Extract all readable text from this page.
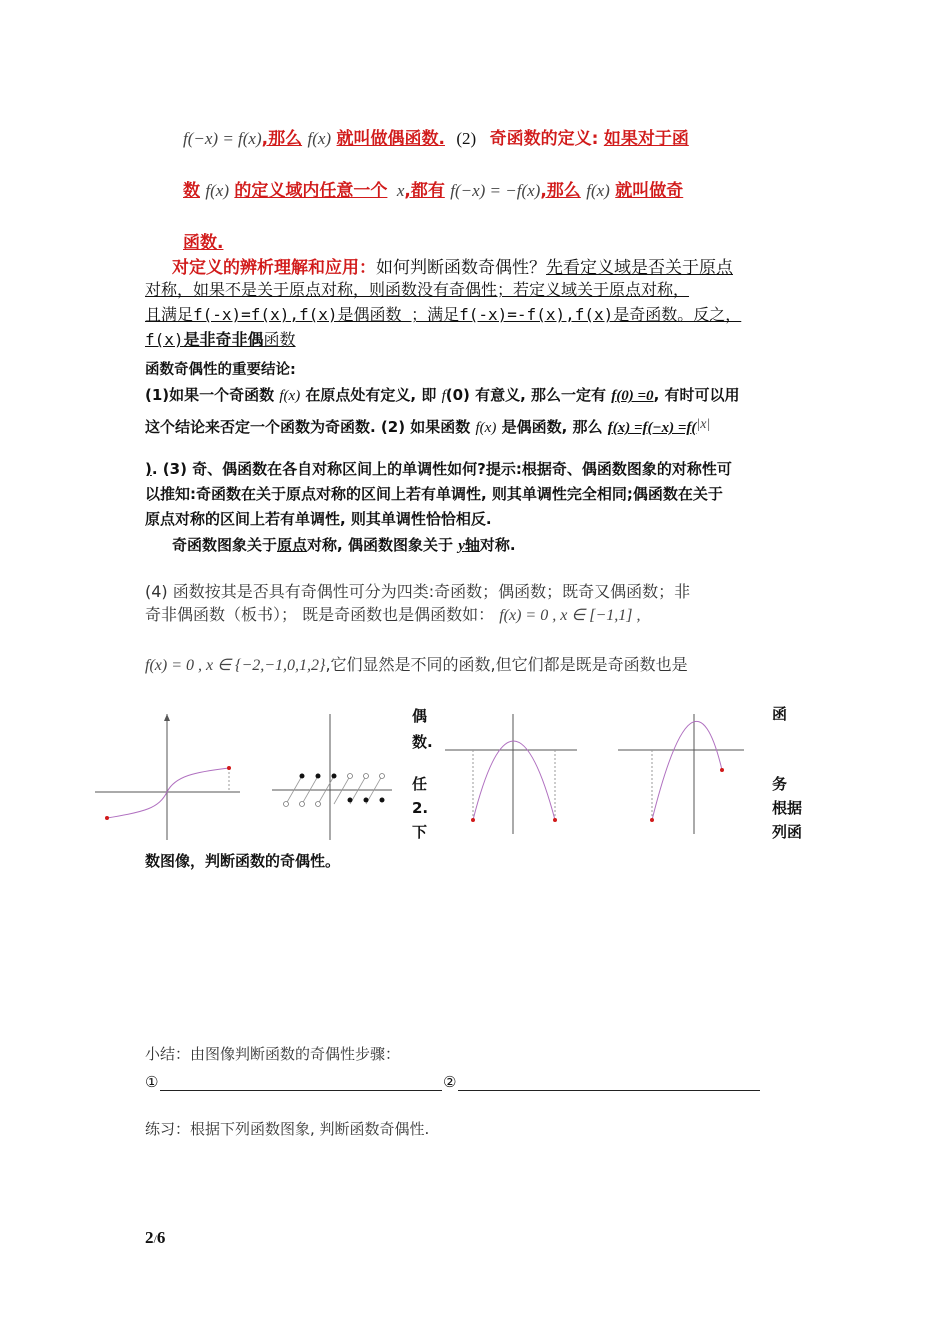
f(−x) = f(x),那么 f(x) 就叫做偶函数. (2) 奇函数的定义: 如果对于函
数 f(x) 的定义域内任意一个 x,都有 f(−x) = −f(x),那么 f(x) 就叫做奇
函数.
对定义的辨析理解和应用：如何判断函数奇偶性？先看定义域是否关于原点
对称，如果不是关于原点对称，则函数没有奇偶性；若定义域关于原点对称，
且满足f(-x)=f(x),f(x)是偶函数 ；满足f(-x)=-f(x),f(x)是奇函数。反之，
f(x)是非奇非偶函数
函数奇偶性的重要结论:
(1)如果一个奇函数 f(x) 在原点处有定义, 即 f(0) 有意义, 那么一定有 f(0) =0, 有时可以用
这个结论来否定一个函数为奇函数. (2) 如果函数 f(x) 是偶函数, 那么 f(x) =f(−x) =f(|x|
). (3) 奇、偶函数在各自对称区间上的单调性如何?提示:根据奇、偶函数图象的对称性可
以推知:奇函数在关于原点对称的区间上若有单调性, 则其单调性完全相同;偶函数在关于
原点对称的区间上若有单调性, 则其单调性恰恰相反.
奇函数图象关于原点对称, 偶函数图象关于 y轴对称.
(4) 函数按其是否具有奇偶性可分为四类:奇函数；偶函数；既奇又偶函数；非
奇非偶函数（板书）； 既是奇函数也是偶函数如： f(x) = 0 , x ∈ [−1,1] ,
f(x) = 0 , x ∈ {−2,−1,0,1,2},它们显然是不同的函数,但它们都是既是奇函数也是
偶
数.
任
2.
下
函
务
根据
列函
数图像，判断函数的奇偶性。
小结：由图像判断函数的奇偶性步骤：
①	②
练习：根据下列函数图象, 判断函数奇偶性.
2/6
